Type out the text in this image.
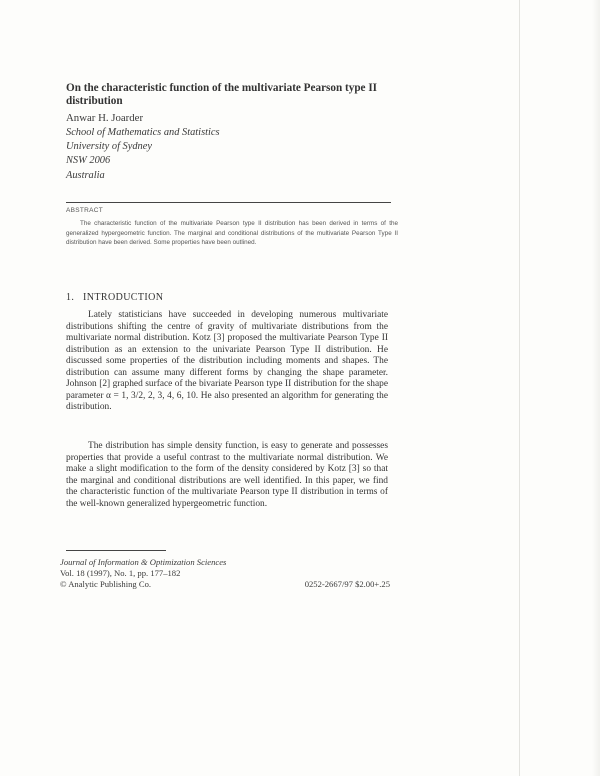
On the characteristic function of the multivariate Pearson type II distribution
Anwar H. Joarder
School of Mathematics and Statistics
University of Sydney
NSW 2006
Australia
ABSTRACT
The characteristic function of the multivariate Pearson type II distribution has been derived in terms of the generalized hypergeometric function. The marginal and conditional distributions of the multivariate Pearson Type II distribution have been derived. Some properties have been outlined.
1. INTRODUCTION
Lately statisticians have succeeded in developing numerous multivariate distributions shifting the centre of gravity of multivariate distributions from the multivariate normal distribution. Kotz [3] proposed the multivariate Pearson Type II distribution as an extension to the univariate Pearson Type II distribution. He discussed some properties of the distribution including moments and shapes. The distribution can assume many different forms by changing the shape parameter. Johnson [2] graphed surface of the bivariate Pearson type II distribution for the shape parameter α = 1, 3/2, 2, 3, 4, 6, 10. He also presented an algorithm for generating the distribution.
The distribution has simple density function, is easy to generate and possesses properties that provide a useful contrast to the multivariate normal distribution. We make a slight modification to the form of the density considered by Kotz [3] so that the marginal and conditional distributions are well identified. In this paper, we find the characteristic function of the multivariate Pearson type II distribution in terms of the well-known generalized hypergeometric function.
Journal of Information & Optimization Sciences
Vol. 18 (1997), No. 1, pp. 177–182
© Analytic Publishing Co.	0252-2667/97 $2.00+.25
